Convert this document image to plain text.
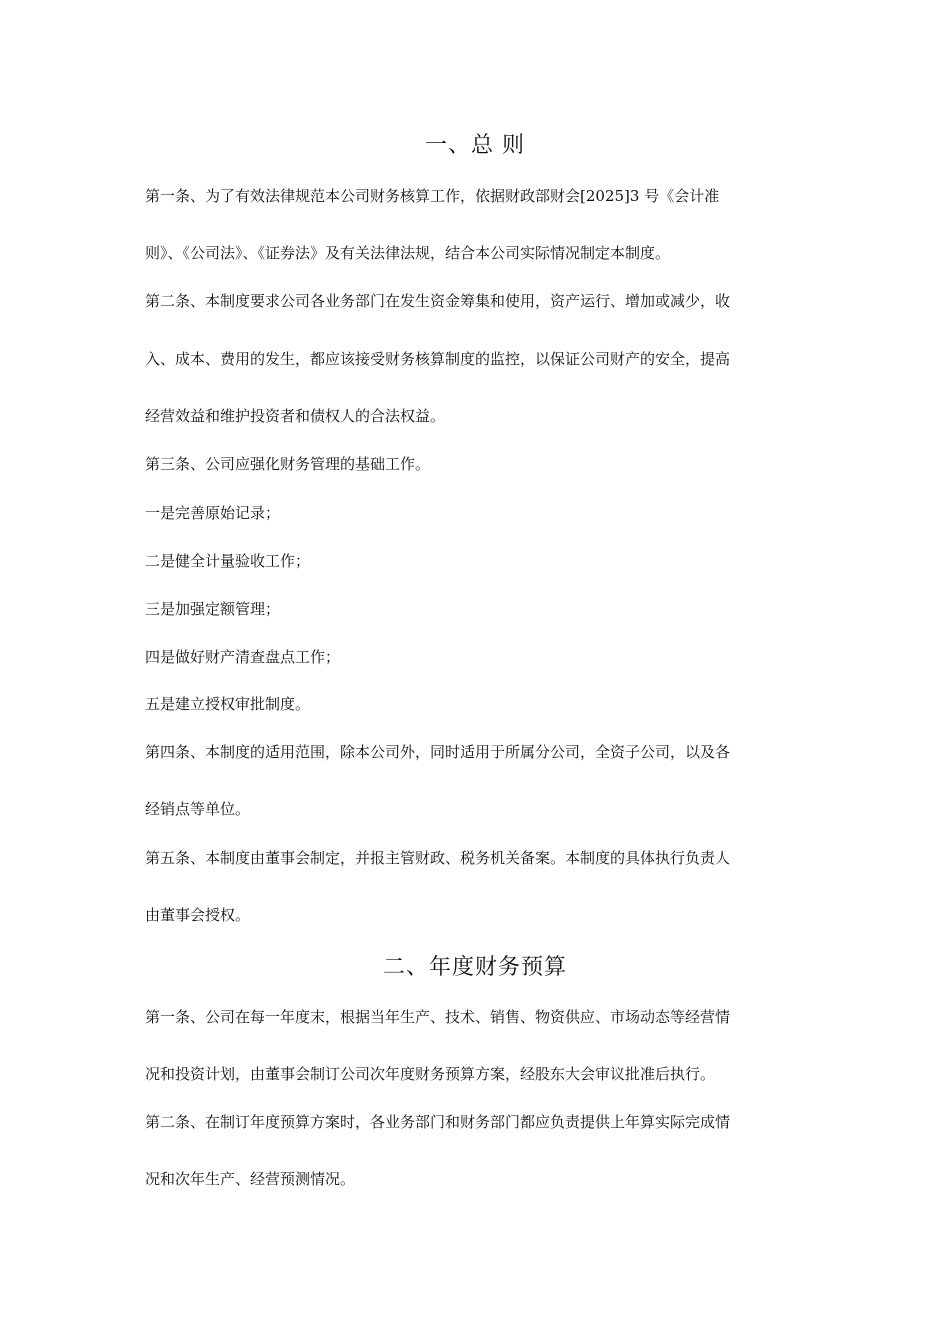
一、总 则
第一条、为了有效法律规范本公司财务核算工作，依据财政部财会[2025]3 号《会计准
则》、《公司法》、《证券法》及有关法律法规，结合本公司实际情况制定本制度。
第二条、本制度要求公司各业务部门在发生资金筹集和使用，资产运行、增加或减少，收
入、成本、费用的发生，都应该接受财务核算制度的监控，以保证公司财产的安全，提高
经营效益和维护投资者和债权人的合法权益。
第三条、公司应强化财务管理的基础工作。
一是完善原始记录；
二是健全计量验收工作；
三是加强定额管理；
四是做好财产清查盘点工作；
五是建立授权审批制度。
第四条、本制度的适用范围，除本公司外，同时适用于所属分公司，全资子公司，以及各
经销点等单位。
第五条、本制度由董事会制定，并报主管财政、税务机关备案。本制度的具体执行负责人
由董事会授权。
二、年度财务预算
第一条、公司在每一年度末，根据当年生产、技术、销售、物资供应、市场动态等经营情
况和投资计划，由董事会制订公司次年度财务预算方案，经股东大会审议批准后执行。
第二条、在制订年度预算方案时，各业务部门和财务部门都应负责提供上年算实际完成情
况和次年生产、经营预测情况。
